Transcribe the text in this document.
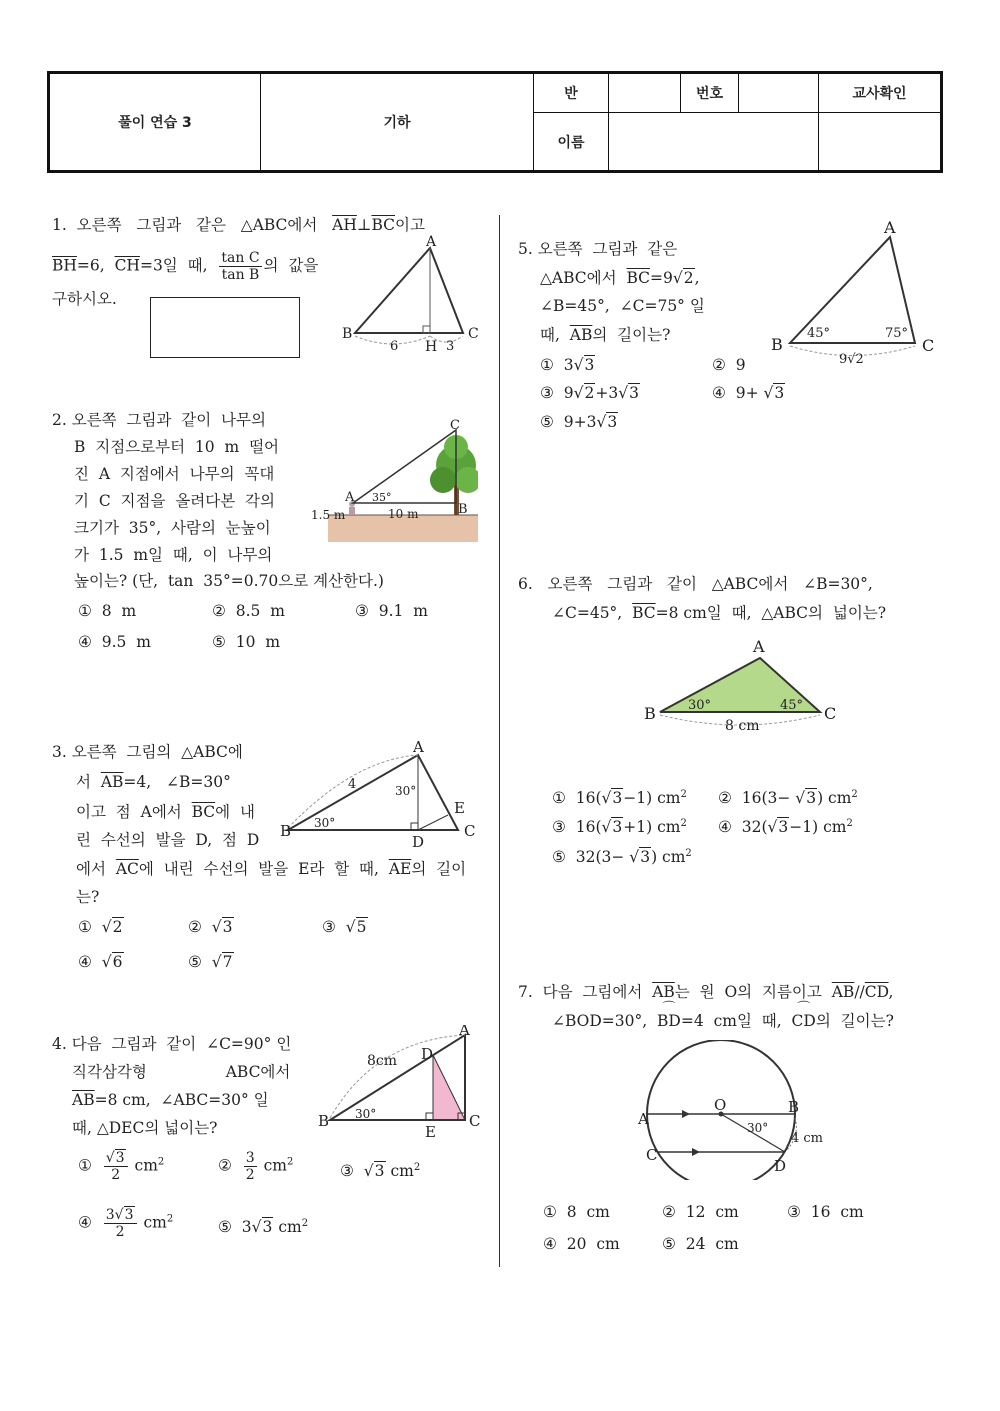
풀이 연습 3	기하	반		번호		교사확인
		이름				
1.  오른쪽   그림과   같은   △ABC에서   $\overline{AH}\perp\overline{BC}$이고
$\overline{BH}=6$,  $\overline{CH}=3$일  때, $\frac{\text{tan C}}{\text{tan B}}$ 의  값을
구하시오.
A
B	C
H
6	3
2. 오른쪽  그림과  같이  나무의
B  지점으로부터  10  m  떨어
진  A  지점에서  나무의  꼭대
기  C  지점을  올려다본  각의
크기가  35°,  사람의  눈높이
가  1.5  m일  때,  이  나무의
높이는? (단,  tan  35°=0.70으로 계산한다.)
①  8  m	②  8.5  m	③  9.1  m
④  9.5  m	⑤  10  m
C
A 35°
B
10 m
1.5 m
3. 오른쪽  그림의  △ABC에
서  $\overline{AB}=4$,   ∠B=30°
이고  점  A에서  $\overline{BC}$에  내
린  수선의  발을  D,  점  D
에서  $\overline{AC}$에  내린  수선의  발을  E라  할  때,  $\overline{AE}$의  길이
는?
①  √2	②  √3	③  √5
④  √6	⑤  √7
A
B	C
D
E
4
30°
30°
4. 다음  그림과  같이  ∠C=90° 인
직각삼각형                ABC에서
$\overline{AB}=8$ cm,  ∠ABC=30° 일
때, △DEC의 넓이는?
① $\frac{√3}{2} cm^2$	② $\frac{3}{2} cm^2$
③  √3 $cm^2$
④ $\frac{3√3}{2} cm^2$	⑤  3√3 $cm^2$
A
B	C
D
E
8cm
30°
5. 오른쪽  그림과  같은
△ABC에서  $\overline{BC}=9√2$,
∠B=45°,  ∠C=75° 일
때,  $\overline{AB}$의  길이는?
①  3√3	②  9
③  9√2+3√3	④  9+ √3
⑤  9+3√3
A
B	C
45°	75°
9√2
6.   오른쪽   그림과   같이   △ABC에서   ∠B=30°,
∠C=45°,  $\overline{BC}=8$ cm일  때,  △ABC의  넓이는?
A
B	C
30°	45°
8 cm
①  16(√3−1) $cm^2$ ②  16(3− √3) $cm^2$
③  16(√3+1) $cm^2$ ④  32(√3−1) $cm^2$
⑤  32(3− √3) $cm^2$
7.  다음  그림에서  $\overline{AB}$는  원  O의  지름이고  $\overline{AB}//\overline{CD}$,
∠BOD=30°,  ⌒ BD=4  cm일  때,  ⌒ CD의  길이는?
A
O	B
C
D
30°
4 cm
①  8  cm	②  12  cm	③  16  cm
④  20  cm	⑤  24  cm
